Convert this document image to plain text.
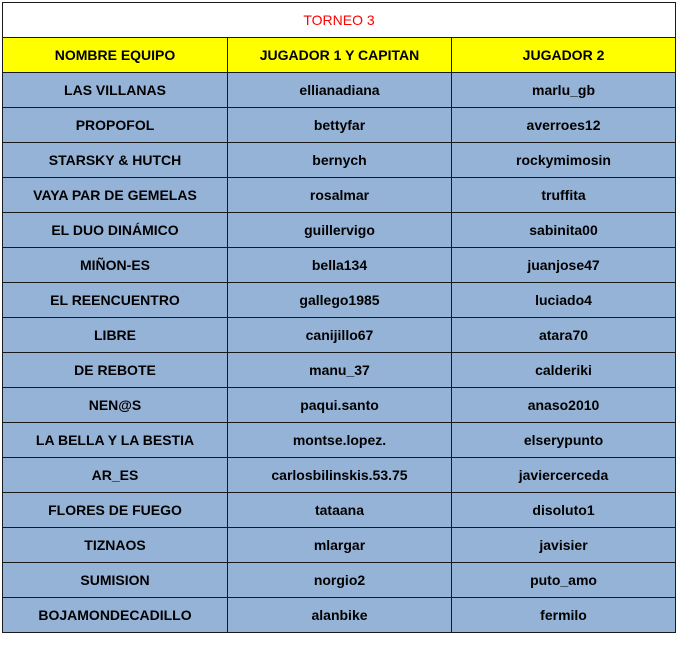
TORNEO 3		
NOMBRE EQUIPO	JUGADOR 1 Y CAPITAN	JUGADOR 2
LAS VILLANAS	ellianadiana	marlu_gb
PROPOFOL	bettyfar	averroes12
STARSKY & HUTCH	bernych	rockymimosin
VAYA PAR DE GEMELAS	rosalmar	truffita
EL DUO DINÁMICO	guillervigo	sabinita00
MIÑON-ES	bella134	juanjose47
EL REENCUENTRO	gallego1985	luciado4
LIBRE	canijillo67	atara70
DE REBOTE	manu_37	calderiki
NEN@S	paqui.santo	anaso2010
LA BELLA Y LA BESTIA	montse.lopez.	elserypunto
AR_ES	carlosbilinskis.53.75	javiercerceda
FLORES DE FUEGO	tataana	disoluto1
TIZNAOS	mlargar	javisier
SUMISION	norgio2	puto_amo
BOJAMONDECADILLO	alanbike	fermilo
